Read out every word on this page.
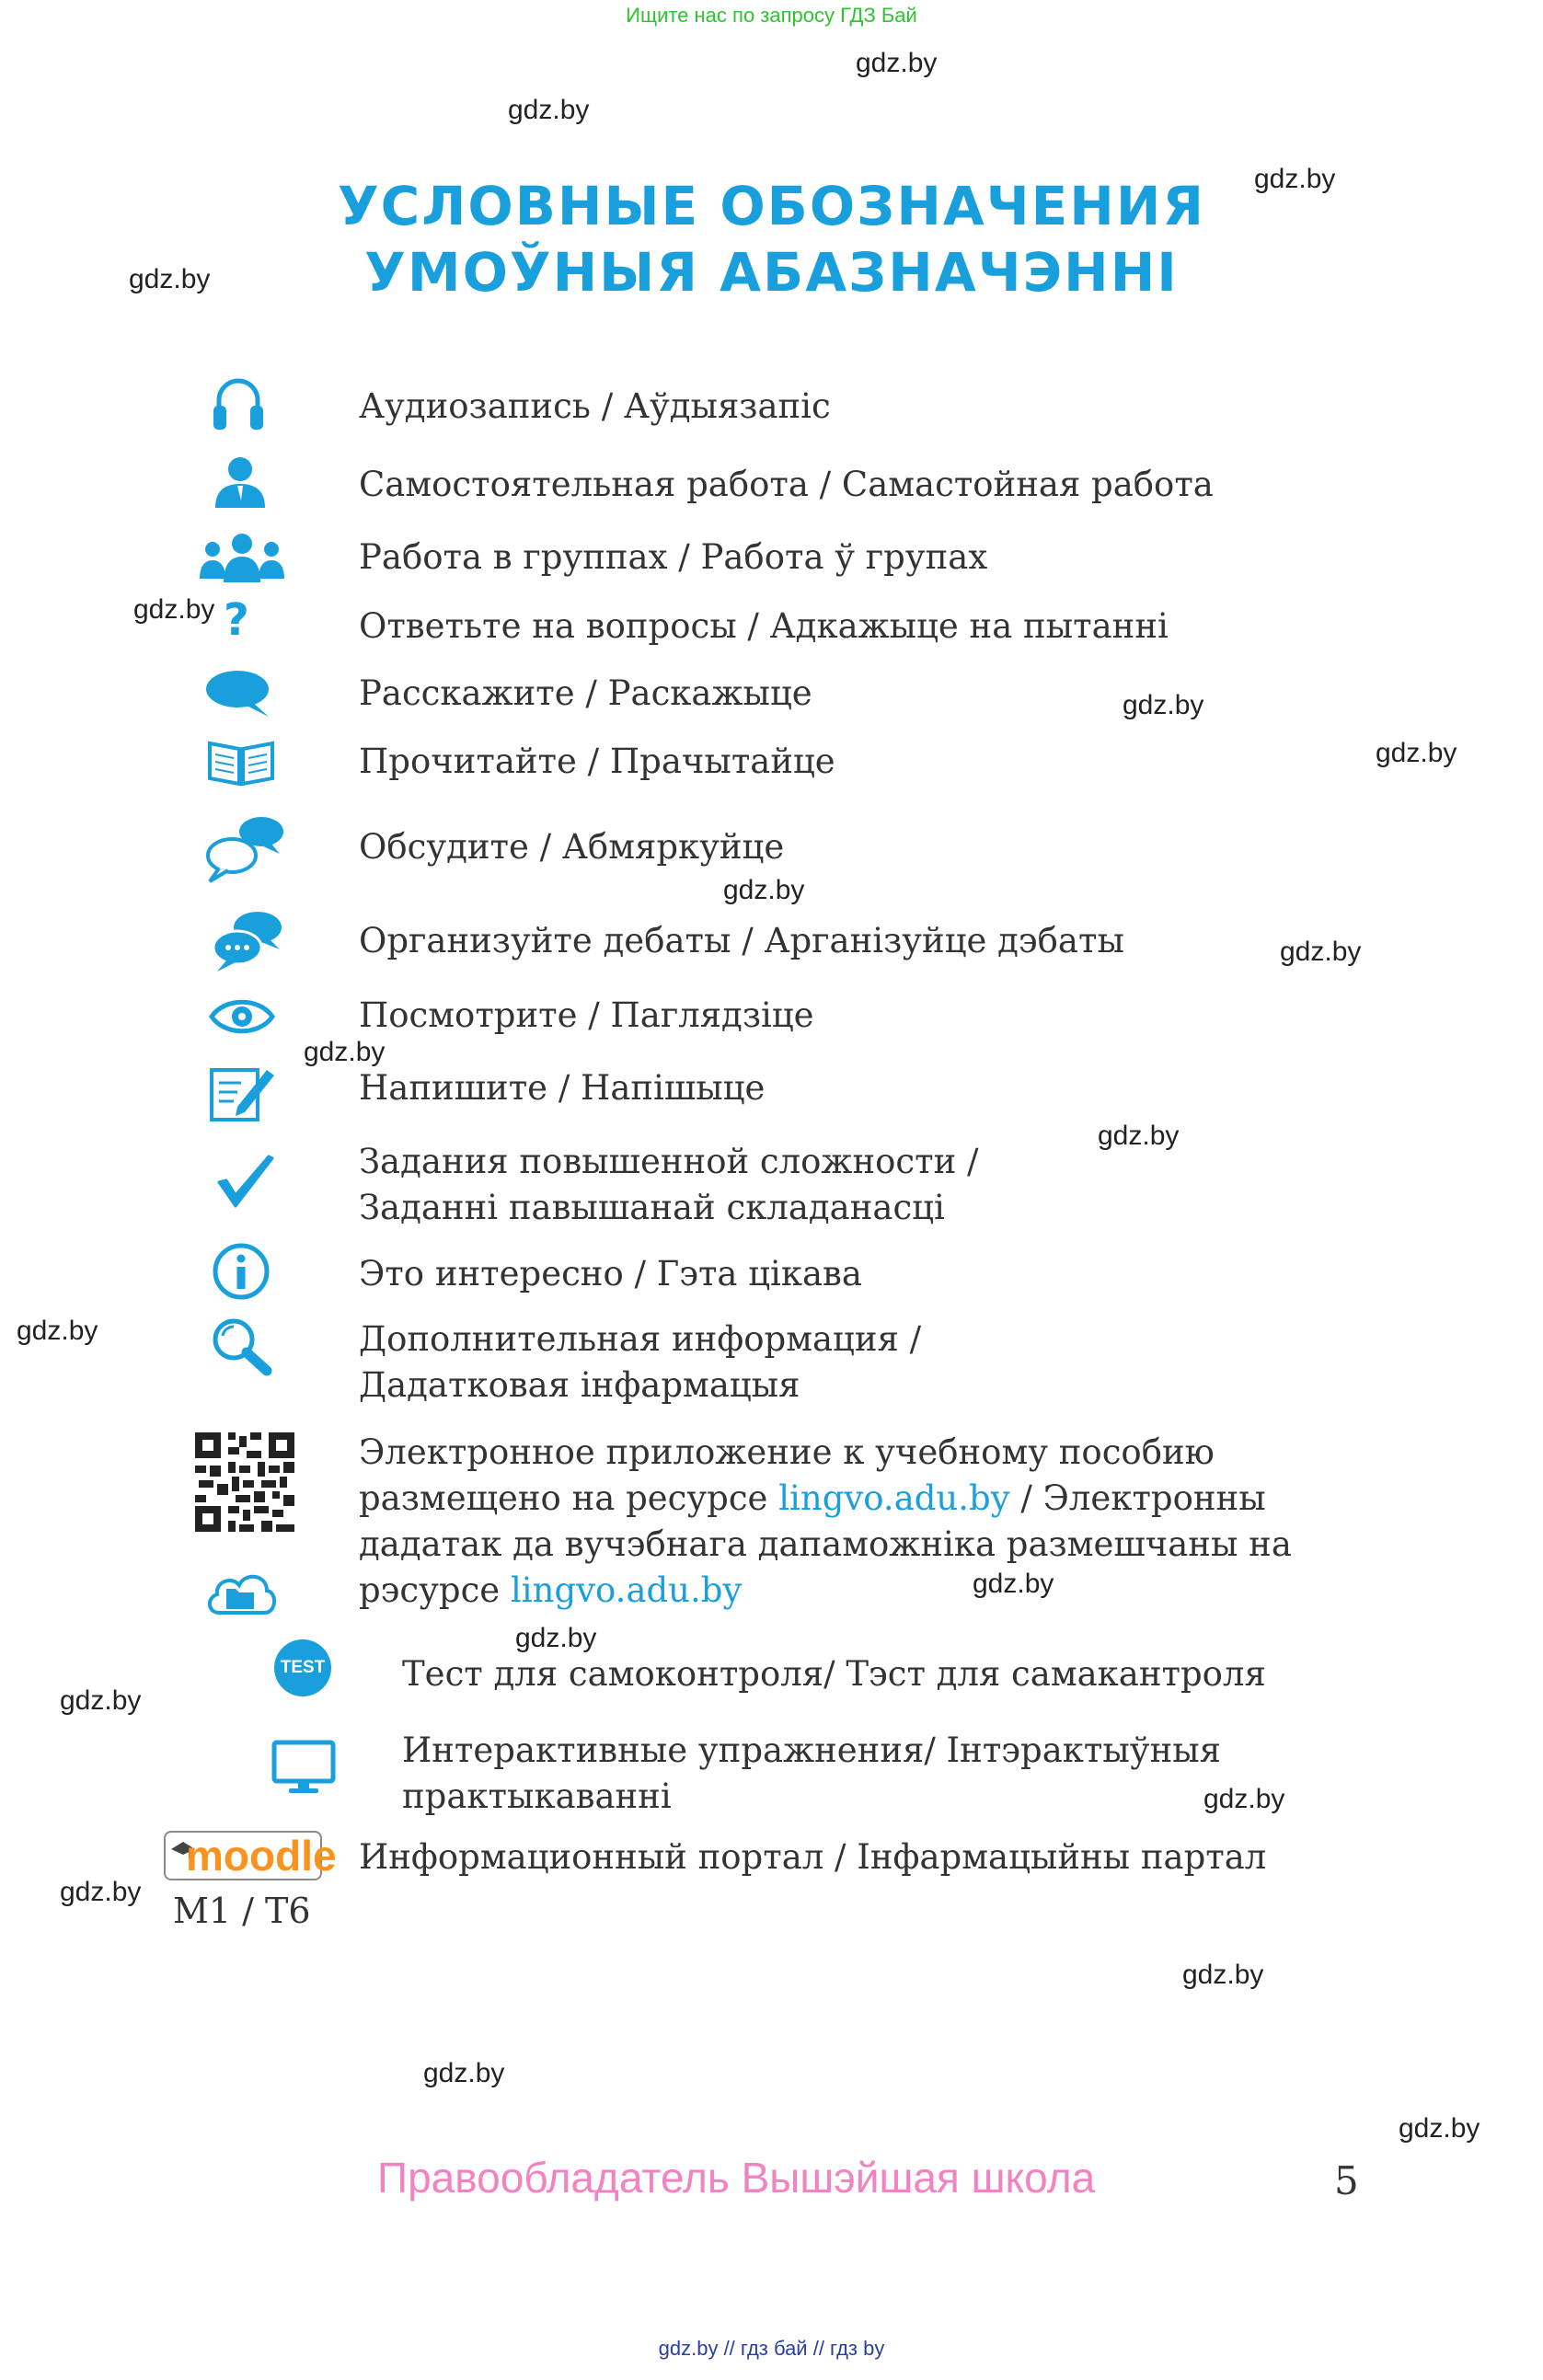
Ищите нас по запросу ГДЗ Бай
gdz.by
gdz.by
gdz.by
gdz.by
gdz.by
gdz.by
gdz.by
gdz.by
gdz.by
gdz.by
gdz.by
gdz.by
gdz.by
gdz.by
gdz.by
gdz.by
gdz.by
gdz.by
gdz.by
gdz.by
УСЛОВНЫЕ ОБОЗНАЧЕНИЯ
УМОЎНЫЯ АБАЗНАЧЭННІ
?
TEST
moodle
М1 / Т6
Аудиозапись / Аўдыязапіс
Самостоятельная работа / Самастойная работа
Работа в группах / Работа ў групах
Ответьте на вопросы / Адкажыце на пытанні
Расскажите / Раскажыце
Прочитайте / Прачытайце
Обсудите / Абмяркуйце
Организуйте дебаты / Арганізуйце дэбаты
Посмотрите / Паглядзіце
Напишите / Напішыце
Задания повышенной сложности /
Заданні павышанай складанасці
Это интересно / Гэта цікава
Дополнительная информация /
Дадатковая інфармацыя
Электронное приложение к учебному пособию
размещено на ресурсе lingvo.adu.by / Электронны
дадатак да вучэбнага дапаможніка размешчаны на
рэсурсе lingvo.adu.by
Тест для самоконтроля/ Тэст для самакантроля
Интерактивные упражнения/ Інтэрактыўныя
практыкаванні
Информационный портал / Інфармацыйны партал
Правообладатель Вышэйшая школа	5
gdz.by // гдз бай // гдз by
